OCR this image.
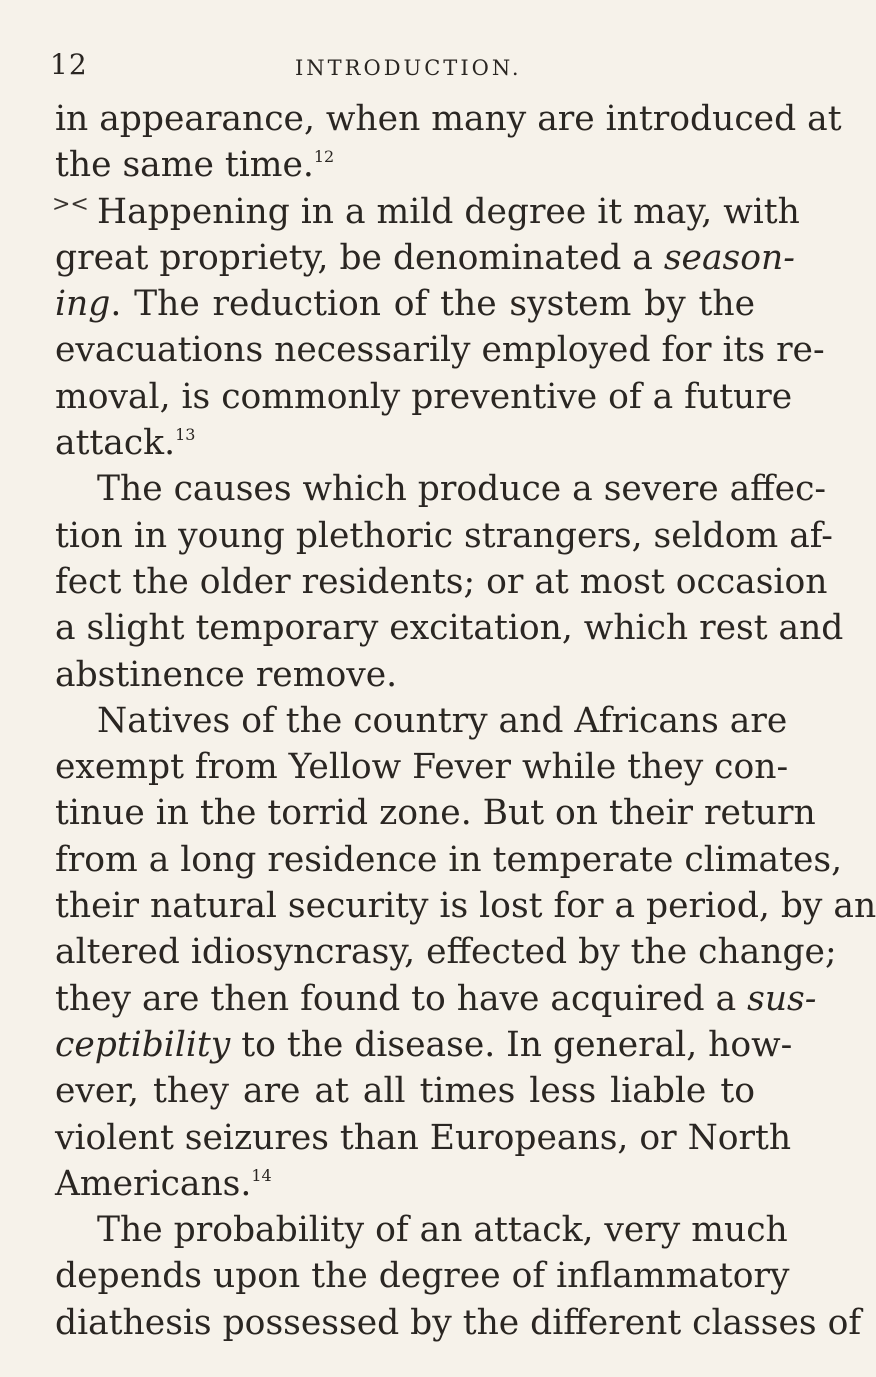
12	INTRODUCTION.
><
in appearance, when many are introduced at
the same time.$^{12}$
Happening in a mild degree it may, with
great propriety, be denominated a season-
ing. The reduction of the system by the
evacuations necessarily employed for its re-
moval, is commonly preventive of a future
attack.$^{13}$
The causes which produce a severe affec-
tion in young plethoric strangers, seldom af-
fect the older residents; or at most occasion
a slight temporary excitation, which rest and
abstinence remove.
Natives of the country and Africans are
exempt from Yellow Fever while they con-
tinue in the torrid zone. But on their return
from a long residence in temperate climates,
their natural security is lost for a period, by an
altered idiosyncrasy, effected by the change;
they are then found to have acquired a sus-
ceptibility to the disease. In general, how-
ever, they are at all times less liable to
violent seizures than Europeans, or North
Americans.$^{14}$
The probability of an attack, very much
depends upon the degree of inflammatory
diathesis possessed by the different classes of
